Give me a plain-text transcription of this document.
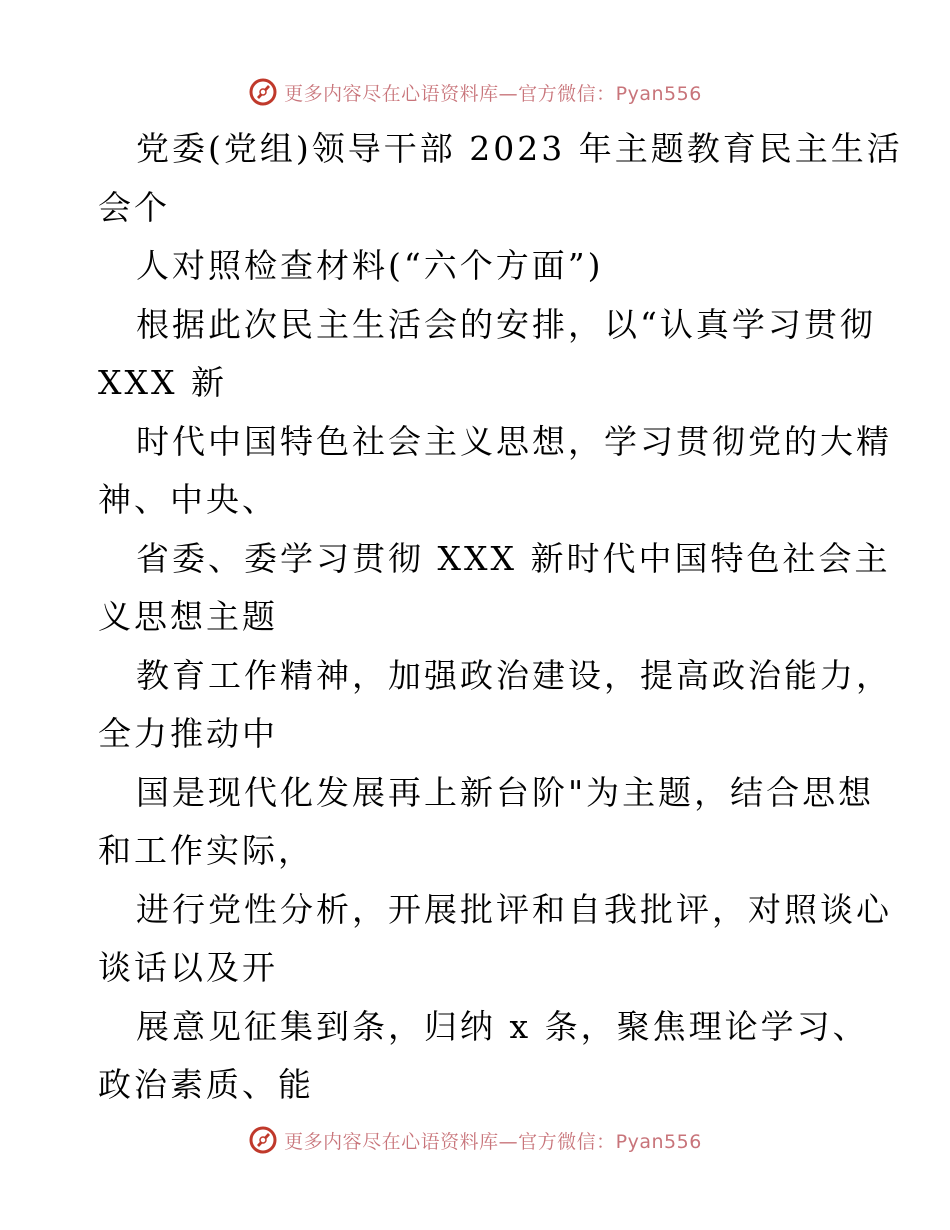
更多内容尽在心语资料库—官方微信：Pyan556
党委(党组)领导干部 2023 年主题教育民主生活
会个
人对照检查材料(“六个方面”)
根据此次民主生活会的安排，以“认真学习贯彻
XXX 新
时代中国特色社会主义思想，学习贯彻党的大精
神、中央、
省委、委学习贯彻 XXX 新时代中国特色社会主
义思想主题
教育工作精神，加强政治建设，提高政治能力，
全力推动中
国是现代化发展再上新台阶"为主题，结合思想
和工作实际，
进行党性分析，开展批评和自我批评，对照谈心
谈话以及开
展意见征集到条，归纳 x 条，聚焦理论学习、
政治素质、能
更多内容尽在心语资料库—官方微信：Pyan556
